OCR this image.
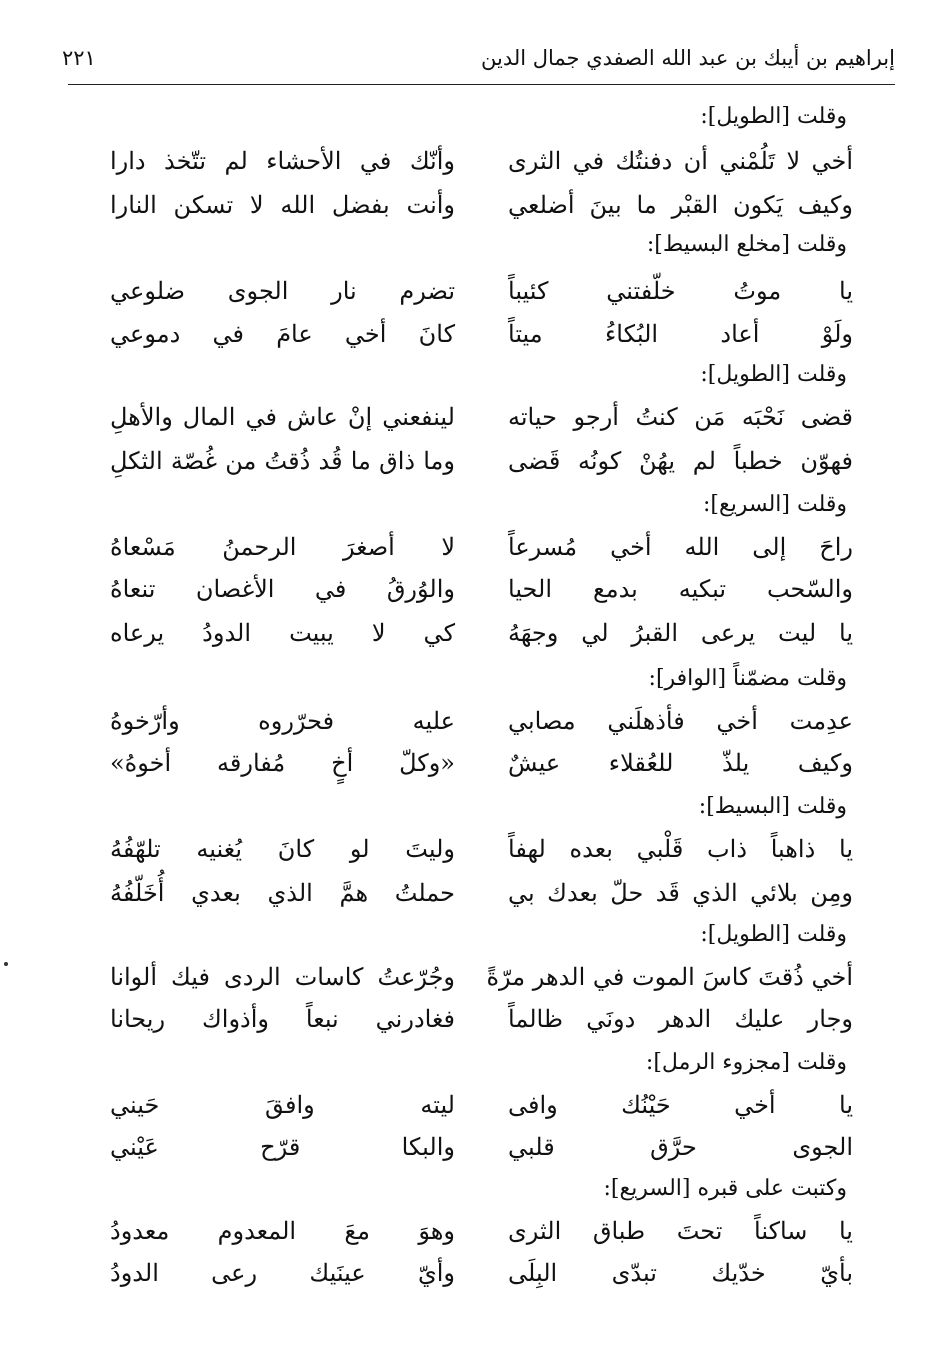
إبراهيم بن أيبك بن عبد الله الصفدي جمال الدين
٢٢١
وقلت [الطويل]:
أخي لا تَلُمْني أن دفنتُك في الثرى
وأنّك في الأحشاء لم تتّخذ دارا
وكيف يَكون القبْر ما بينَ أضلعي
وأنت بفضل الله لا تسكن النارا
وقلت [مخلع البسيط]:
يا موتُ خلّفتني كئيباً
تضرم نار الجوى ضلوعي
ولَوْ أعاد البُكاءُ ميتاً
كانَ أخي عامَ في دموعي
وقلت [الطويل]:
قضى نَحْبَه مَن كنتُ أرجو حياته
لينفعني إنْ عاش في المال والأهلِ
فهوّن خطباً لم يهُنْ كونُه قَضى
وما ذاق ما قُد ذُقتُ من غُصّة الثكلِ
وقلت [السريع]:
راحَ إلى الله أخي مُسرعاً
لا أصغرَ الرحمنُ مَسْعاهُ
والسّحب تبكيه بدمع الحيا
والوُرقُ في الأغصان تنعاهُ
يا ليت يرعى القبرُ لي وجهَهُ
كي لا يبيت الدودُ يرعاه
وقلت مضمّناً [الوافر]:
عدِمت أخي فأذهلَني مصابي
عليه فحرّروه وأرّخوهُ
وكيف يلذّ للعُقلاء عيشٌ
«وكلّ أخٍ مُفارقه أخوهُ»
وقلت [البسيط]:
يا ذاهباً ذاب قَلْبي بعده لهفاً
وليتَ لو كانَ يُغنيه تلهّفُهُ
ومِن بلائي الذي قَد حلّ بعدك بي
حملتُ همَّ الذي بعدي أُخَلّفُهُ
وقلت [الطويل]:
أخي ذُقتَ كاسَ الموت في الدهر مرّةً
وجُرّعتُ كاسات الردى فيك ألوانا
وجار عليك الدهر دونَي ظالماً
فغادرني نبعاً وأذواك ريحانا
وقلت [مجزوء الرمل]:
يا أخي حَيْنُك وافى
ليته وافقَ حَيني
الجوى حرَّق قلبي
والبكا قرّح عَيْني
وكتبت على قبره [السريع]:
يا ساكناً تحتَ طباق الثرى
وهوَ معَ المعدوم معدودُ
بأيّ خدّيك تبدّى البِلَى
وأيّ عينَيك رعى الدودُ
